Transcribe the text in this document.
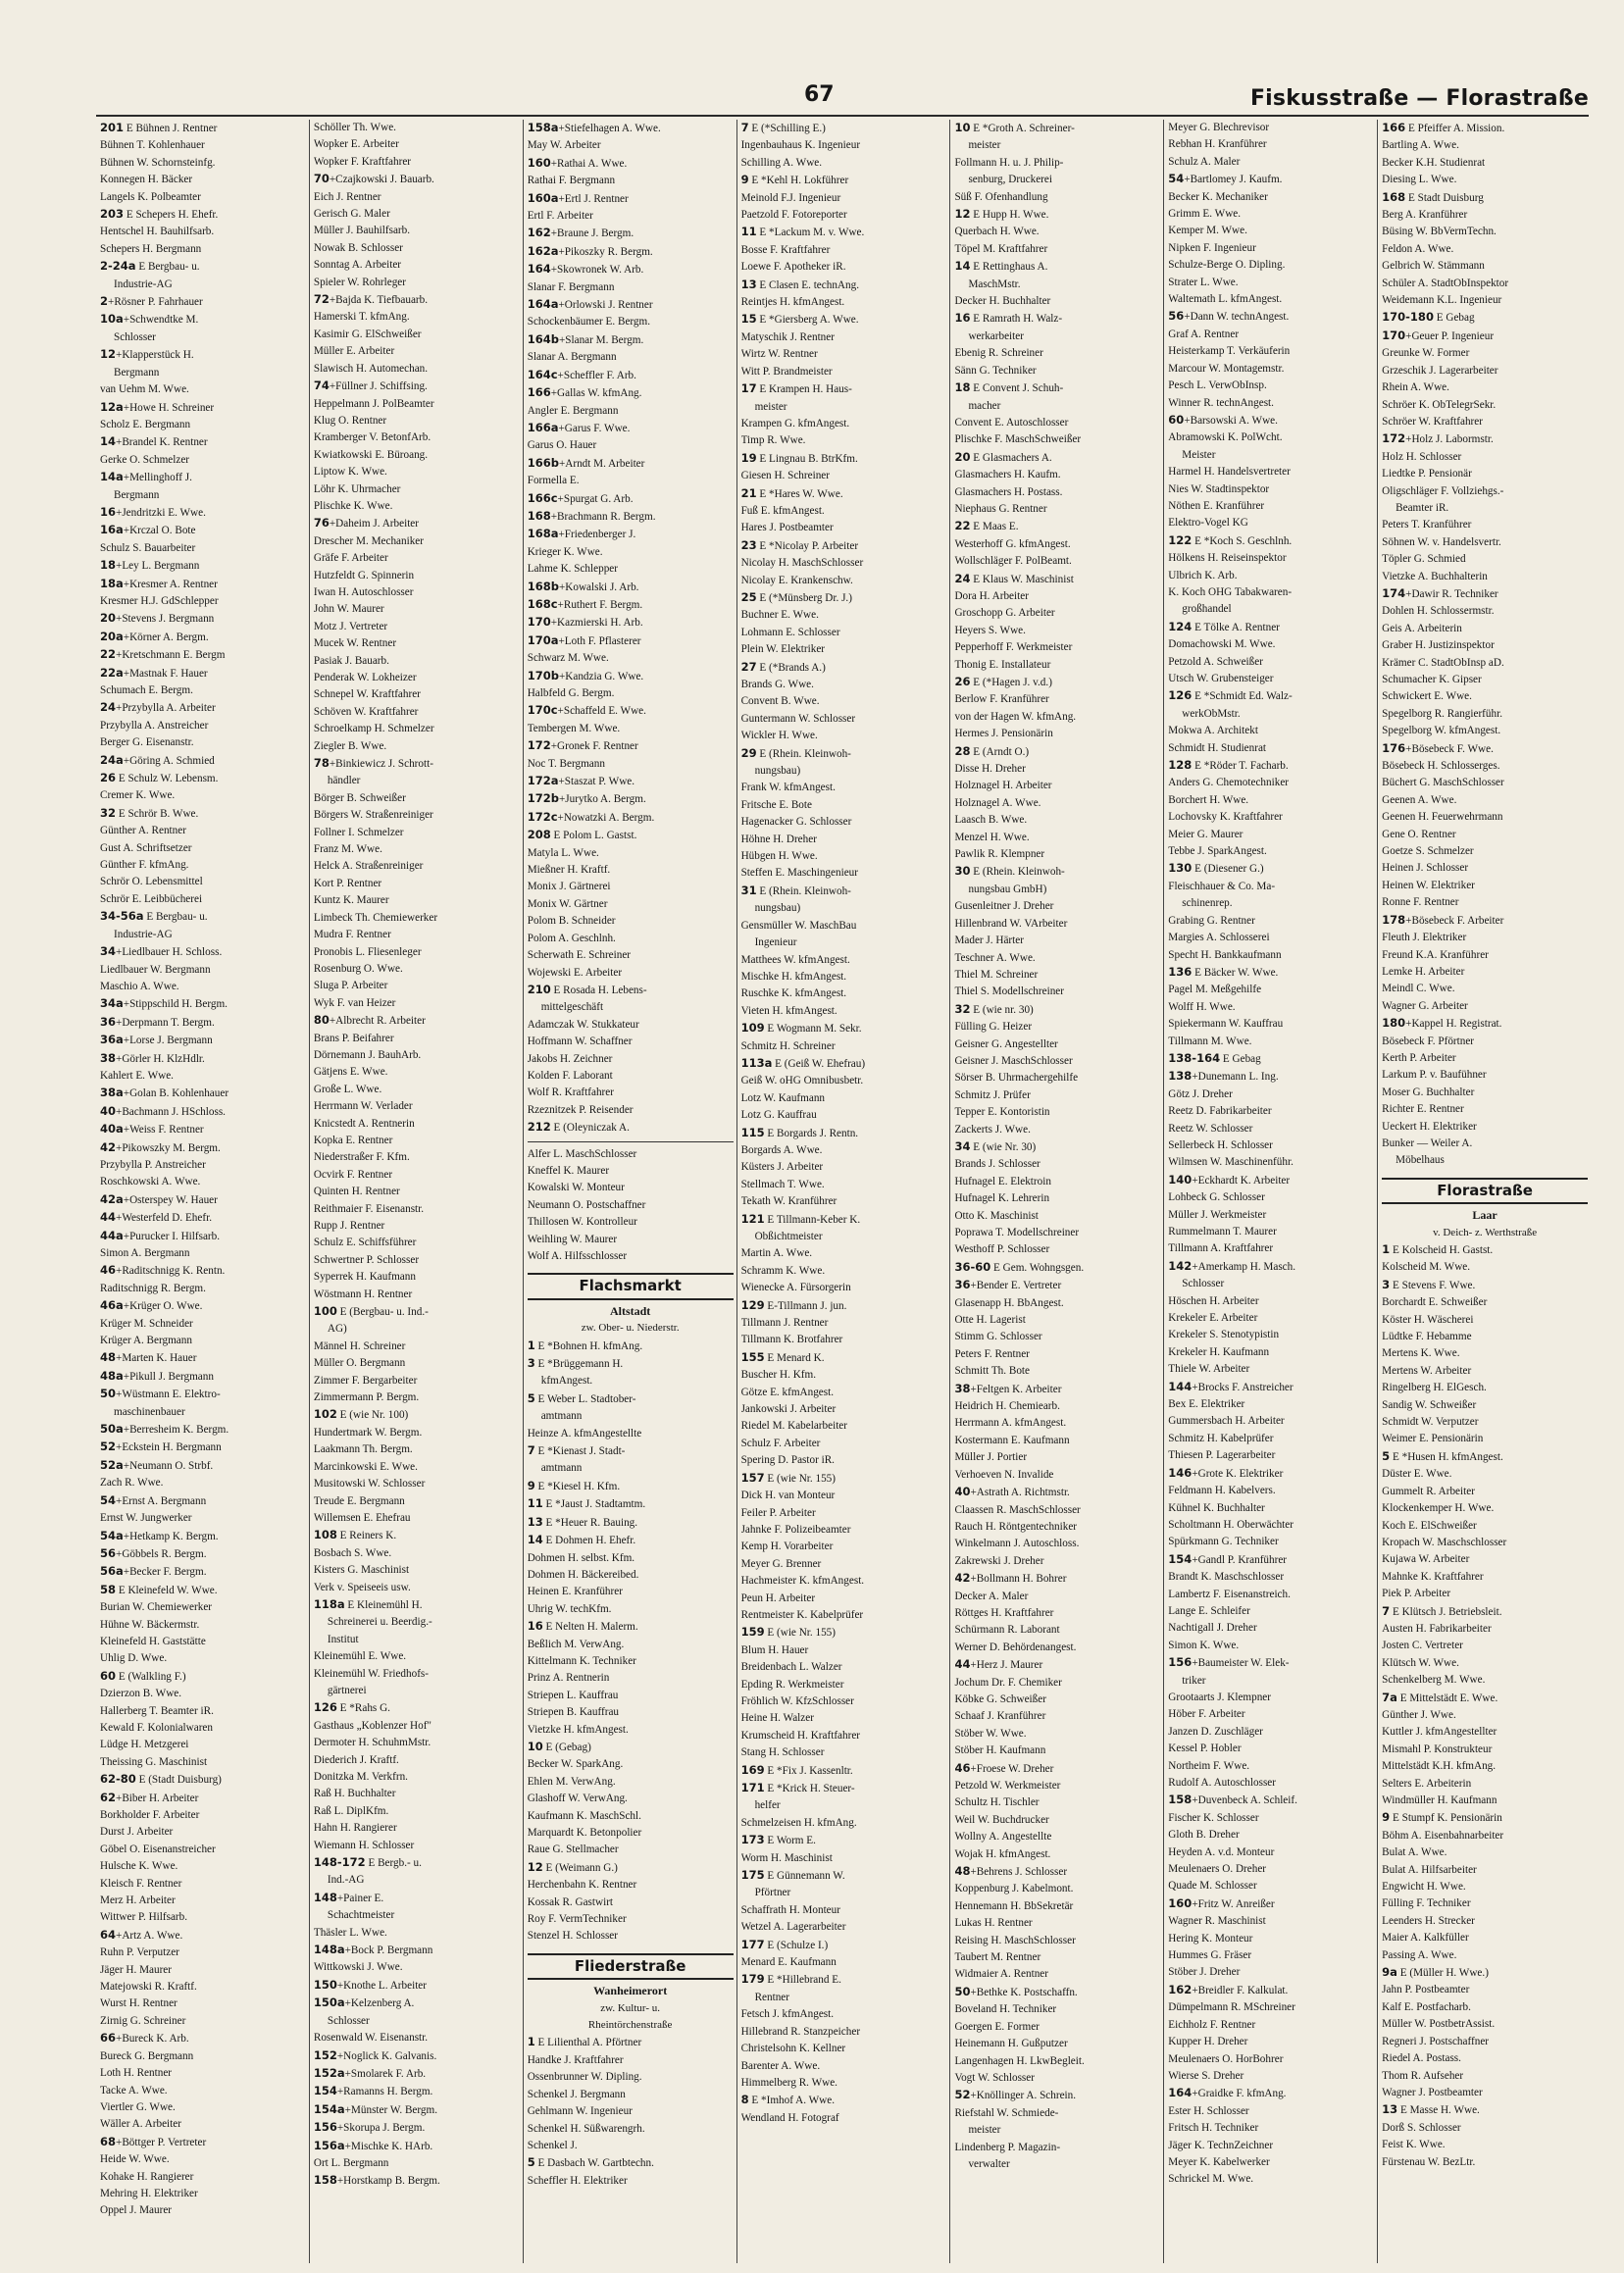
67	Fiskusstraße — Florastraße
201 E Bühnen J. Rentner
Bühnen T. Kohlenhauer
Bühnen W. Schornsteinfg.
Konnegen H. Bäcker
Langels K. Polbeamter
203 E Schepers H. Ehefr.
Hentschel H. Bauhilfsarb.
Schepers H. Bergmann
2-24a E Bergbau- u.
Industrie-AG
2+Rösner P. Fahrhauer
10a+Schwendtke M.
Schlosser
12+Klapperstück H.
Bergmann
van Uehm M. Wwe.
12a+Howe H. Schreiner
Scholz E. Bergmann
14+Brandel K. Rentner
Gerke O. Schmelzer
14a+Mellinghoff J.
Bergmann
16+Jendritzki E. Wwe.
16a+Krczal O. Bote
Schulz S. Bauarbeiter
18+Ley L. Bergmann
18a+Kresmer A. Rentner
Kresmer H.J. GdSchlepper
20+Stevens J. Bergmann
20a+Körner A. Bergm.
22+Kretschmann E. Bergm
22a+Mastnak F. Hauer
Schumach E. Bergm.
24+Przybylla A. Arbeiter
Przybylla A. Anstreicher
Berger G. Eisenanstr.
24a+Göring A. Schmied
26 E Schulz W. Lebensm.
Cremer K. Wwe.
32 E Schrör B. Wwe.
Günther A. Rentner
Gust A. Schriftsetzer
Günther F. kfmAng.
Schrör O. Lebensmittel
Schrör E. Leibbücherei
34-56a E Bergbau- u.
Industrie-AG
34+Liedlbauer H. Schloss.
Liedlbauer W. Bergmann
Maschio A. Wwe.
34a+Stippschild H. Bergm.
36+Derpmann T. Bergm.
36a+Lorse J. Bergmann
38+Görler H. KlzHdlr.
Kahlert E. Wwe.
38a+Golan B. Kohlenhauer
40+Bachmann J. HSchloss.
40a+Weiss F. Rentner
42+Pikowszky M. Bergm.
Przybylla P. Anstreicher
Roschkowski A. Wwe.
42a+Osterspey W. Hauer
44+Westerfeld D. Ehefr.
44a+Purucker I. Hilfsarb.
Simon A. Bergmann
46+Raditschnigg K. Rentn.
Raditschnigg R. Bergm.
46a+Krüger O. Wwe.
Krüger M. Schneider
Krüger A. Bergmann
48+Marten K. Hauer
48a+Pikull J. Bergmann
50+Wüstmann E. Elektro-
maschinenbauer
50a+Berresheim K. Bergm.
52+Eckstein H. Bergmann
52a+Neumann O. Strbf.
Zach R. Wwe.
54+Ernst A. Bergmann
Ernst W. Jungwerker
54a+Hetkamp K. Bergm.
56+Göbbels R. Bergm.
56a+Becker F. Bergm.
58 E Kleinefeld W. Wwe.
Burian W. Chemiewerker
Hühne W. Bäckermstr.
Kleinefeld H. Gaststätte
Uhlig D. Wwe.
60 E (Walkling F.)
Dzierzon B. Wwe.
Hallerberg T. Beamter iR.
Kewald F. Kolonialwaren
Lüdge H. Metzgerei
Theissing G. Maschinist
62-80 E (Stadt Duisburg)
62+Biber H. Arbeiter
Borkholder F. Arbeiter
Durst J. Arbeiter
Göbel O. Eisenanstreicher
Hulsche K. Wwe.
Kleisch F. Rentner
Merz H. Arbeiter
Wittwer P. Hilfsarb.
64+Artz A. Wwe.
Ruhn P. Verputzer
Jäger H. Maurer
Matejowski R. Kraftf.
Wurst H. Rentner
Zirnig G. Schreiner
66+Bureck K. Arb.
Bureck G. Bergmann
Loth H. Rentner
Tacke A. Wwe.
Viertler G. Wwe.
Wäller A. Arbeiter
68+Böttger P. Vertreter
Heide W. Wwe.
Kohake H. Rangierer
Mehring H. Elektriker
Oppel J. Maurer
Schöller Th. Wwe.
Wopker E. Arbeiter
Wopker F. Kraftfahrer
70+Czajkowski J. Bauarb.
Eich J. Rentner
Gerisch G. Maler
Müller J. Bauhilfsarb.
Nowak B. Schlosser
Sonntag A. Arbeiter
Spieler W. Rohrleger
72+Bajda K. Tiefbauarb.
Hamerski T. kfmAng.
Kasimir G. ElSchweißer
Müller E. Arbeiter
Slawisch H. Automechan.
74+Füllner J. Schiffsing.
Heppelmann J. PolBeamter
Klug O. Rentner
Kramberger V. BetonfArb.
Kwiatkowski E. Büroang.
Liptow K. Wwe.
Löhr K. Uhrmacher
Plischke K. Wwe.
76+Daheim J. Arbeiter
Drescher M. Mechaniker
Gräfe F. Arbeiter
Hutzfeldt G. Spinnerin
Iwan H. Autoschlosser
John W. Maurer
Motz J. Vertreter
Mucek W. Rentner
Pasiak J. Bauarb.
Penderak W. Lokheizer
Schnepel W. Kraftfahrer
Schöven W. Kraftfahrer
Schroelkamp H. Schmelzer
Ziegler B. Wwe.
78+Binkiewicz J. Schrott-
händler
Börger B. Schweißer
Börgers W. Straßenreiniger
Follner I. Schmelzer
Franz M. Wwe.
Helck A. Straßenreiniger
Kort P. Rentner
Kuntz K. Maurer
Limbeck Th. Chemiewerker
Mudra F. Rentner
Pronobis L. Fliesenleger
Rosenburg O. Wwe.
Sluga P. Arbeiter
Wyk F. van Heizer
80+Albrecht R. Arbeiter
Brans P. Beifahrer
Dörnemann J. BauhArb.
Gätjens E. Wwe.
Große L. Wwe.
Herrmann W. Verlader
Knicstedt A. Rentnerin
Kopka E. Rentner
Niederstraßer F. Kfm.
Ocvirk F. Rentner
Quinten H. Rentner
Reithmaier F. Eisenanstr.
Rupp J. Rentner
Schulz E. Schiffsführer
Schwertner P. Schlosser
Syperrek H. Kaufmann
Wöstmann H. Rentner
100 E (Bergbau- u. Ind.-
AG)
Männel H. Schreiner
Müller O. Bergmann
Zimmer F. Bergarbeiter
Zimmermann P. Bergm.
102 E (wie Nr. 100)
Hundertmark W. Bergm.
Laakmann Th. Bergm.
Marcinkowski E. Wwe.
Musitowski W. Schlosser
Treude E. Bergmann
Willemsen E. Ehefrau
108 E Reiners K.
Bosbach S. Wwe.
Kisters G. Maschinist
Verk v. Speiseeis usw.
118a E Kleinemühl H.
Schreinerei u. Beerdig.-
Institut
Kleinemühl E. Wwe.
Kleinemühl W. Friedhofs-
gärtnerei
126 E *Rahs G.
Gasthaus „Koblenzer Hof"
Dermoter H. SchuhmMstr.
Diederich J. Kraftf.
Donitzka M. Verkfrn.
Raß H. Buchhalter
Raß L. DiplKfm.
Hahn H. Rangierer
Wiemann H. Schlosser
148-172 E Bergb.- u.
Ind.-AG
148+Painer E.
Schachtmeister
Thäsler L. Wwe.
148a+Bock P. Bergmann
Wittkowski J. Wwe.
150+Knothe L. Arbeiter
150a+Kelzenberg A.
Schlosser
Rosenwald W. Eisenanstr.
152+Noglick K. Galvanis.
152a+Smolarek F. Arb.
154+Ramanns H. Bergm.
154a+Münster W. Bergm.
156+Skorupa J. Bergm.
156a+Mischke K. HArb.
Ort L. Bergmann
158+Horstkamp B. Bergm.
158a+Stiefelhagen A. Wwe.
May W. Arbeiter
160+Rathai A. Wwe.
Rathai F. Bergmann
160a+Ertl J. Rentner
Ertl F. Arbeiter
162+Braune J. Bergm.
162a+Pikoszky R. Bergm.
164+Skowronek W. Arb.
Slanar F. Bergmann
164a+Orlowski J. Rentner
Schockenbäumer E. Bergm.
164b+Slanar M. Bergm.
Slanar A. Bergmann
164c+Scheffler F. Arb.
166+Gallas W. kfmAng.
Angler E. Bergmann
166a+Garus F. Wwe.
Garus O. Hauer
166b+Arndt M. Arbeiter
Formella E.
166c+Spurgat G. Arb.
168+Brachmann R. Bergm.
168a+Friedenberger J.
Krieger K. Wwe.
Lahme K. Schlepper
168b+Kowalski J. Arb.
168c+Ruthert F. Bergm.
170+Kazmierski H. Arb.
170a+Loth F. Pflasterer
Schwarz M. Wwe.
170b+Kandzia G. Wwe.
Halbfeld G. Bergm.
170c+Schaffeld E. Wwe.
Tembergen M. Wwe.
172+Gronek F. Rentner
Noc T. Bergmann
172a+Staszat P. Wwe.
172b+Jurytko A. Bergm.
172c+Nowatzki A. Bergm.
208 E Polom L. Gastst.
Matyla L. Wwe.
Mießner H. Kraftf.
Monix J. Gärtnerei
Monix W. Gärtner
Polom B. Schneider
Polom A. Geschlnh.
Scherwath E. Schreiner
Wojewski E. Arbeiter
210 E Rosada H. Lebens-
mittelgeschäft
Adamczak W. Stukkateur
Hoffmann W. Schaffner
Jakobs H. Zeichner
Kolden F. Laborant
Wolf R. Kraftfahrer
Rzeznitzek P. Reisender
212 E (Oleyniczak A.
Alfer L. MaschSchlosser
Kneffel K. Maurer
Kowalski W. Monteur
Neumann O. Postschaffner
Thillosen W. Kontrolleur
Weihling W. Maurer
Wolf A. Hilfsschlosser
Flachsmarkt
Altstadt
zw. Ober- u. Niederstr.
1 E *Bohnen H. kfmAng.
3 E *Brüggemann H.
kfmAngest.
5 E Weber L. Stadtober-
amtmann
Heinze A. kfmAngestellte
7 E *Kienast J. Stadt-
amtmann
9 E *Kiesel H. Kfm.
11 E *Jaust J. Stadtamtm.
13 E *Heuer R. Bauing.
14 E Dohmen H. Ehefr.
Dohmen H. selbst. Kfm.
Dohmen H. Bäckereibed.
Heinen E. Kranführer
Uhrig W. techKfm.
16 E Nelten H. Malerm.
Beßlich M. VerwAng.
Kittelmann K. Techniker
Prinz A. Rentnerin
Striepen L. Kauffrau
Striepen B. Kauffrau
Vietzke H. kfmAngest.
10 E (Gebag)
Becker W. SparkAng.
Ehlen M. VerwAng.
Glashoff W. VerwAng.
Kaufmann K. MaschSchl.
Marquardt K. Betonpolier
Raue G. Stellmacher
12 E (Weimann G.)
Herchenbahn K. Rentner
Kossak R. Gastwirt
Roy F. VermTechniker
Stenzel H. Schlosser
Fliederstraße
Wanheimerort
zw. Kultur- u.
Rheintörchenstraße
1 E Lilienthal A. Pförtner
Handke J. Kraftfahrer
Ossenbrunner W. Dipling.
Schenkel J. Bergmann
Gehlmann W. Ingenieur
Schenkel H. Süßwarengrh.
Schenkel J.
5 E Dasbach W. Gartbtechn.
Scheffler H. Elektriker
7 E (*Schilling E.)
Ingenbauhaus K. Ingenieur
Schilling A. Wwe.
9 E *Kehl H. Lokführer
Meinold F.J. Ingenieur
Paetzold F. Fotoreporter
11 E *Lackum M. v. Wwe.
Bosse F. Kraftfahrer
Loewe F. Apotheker iR.
13 E Clasen E. technAng.
Reintjes H. kfmAngest.
15 E *Giersberg A. Wwe.
Matyschik J. Rentner
Wirtz W. Rentner
Witt P. Brandmeister
17 E Krampen H. Haus-
meister
Krampen G. kfmAngest.
Timp R. Wwe.
19 E Lingnau B. BtrKfm.
Giesen H. Schreiner
21 E *Hares W. Wwe.
Fuß E. kfmAngest.
Hares J. Postbeamter
23 E *Nicolay P. Arbeiter
Nicolay H. MaschSchlosser
Nicolay E. Krankenschw.
25 E (*Münsberg Dr. J.)
Buchner E. Wwe.
Lohmann E. Schlosser
Plein W. Elektriker
27 E (*Brands A.)
Brands G. Wwe.
Convent B. Wwe.
Guntermann W. Schlosser
Wickler H. Wwe.
29 E (Rhein. Kleinwoh-
nungsbau)
Frank W. kfmAngest.
Fritsche E. Bote
Hagenacker G. Schlosser
Höhne H. Dreher
Hübgen H. Wwe.
Steffen E. Maschingenieur
31 E (Rhein. Kleinwoh-
nungsbau)
Gensmüller W. MaschBau
Ingenieur
Matthees W. kfmAngest.
Mischke H. kfmAngest.
Ruschke K. kfmAngest.
Vieten H. kfmAngest.
109 E Wogmann M. Sekr.
Schmitz H. Schreiner
113a E (Geiß W. Ehefrau)
Geiß W. oHG Omnibusbetr.
Lotz W. Kaufmann
Lotz G. Kauffrau
115 E Borgards J. Rentn.
Borgards A. Wwe.
Küsters J. Arbeiter
Stellmach T. Wwe.
Tekath W. Kranführer
121 E Tillmann-Keber K.
Obßichtmeister
Martin A. Wwe.
Schramm K. Wwe.
Wienecke A. Fürsorgerin
129 E-Tillmann J. jun.
Tillmann J. Rentner
Tillmann K. Brotfahrer
155 E Menard K.
Buscher H. Kfm.
Götze E. kfmAngest.
Jankowski J. Arbeiter
Riedel M. Kabelarbeiter
Schulz F. Arbeiter
Spering D. Pastor iR.
157 E (wie Nr. 155)
Dick H. van Monteur
Feiler P. Arbeiter
Jahnke F. Polizeibeamter
Kemp H. Vorarbeiter
Meyer G. Brenner
Hachmeister K. kfmAngest.
Peun H. Arbeiter
Rentmeister K. Kabelprüfer
159 E (wie Nr. 155)
Blum H. Hauer
Breidenbach L. Walzer
Epding R. Werkmeister
Fröhlich W. KfzSchlosser
Heine H. Walzer
Krumscheid H. Kraftfahrer
Stang H. Schlosser
169 E *Fix J. Kassenltr.
171 E *Krick H. Steuer-
helfer
Schmelzeisen H. kfmAng.
173 E Worm E.
Worm H. Maschinist
175 E Günnemann W.
Pförtner
Schaffrath H. Monteur
Wetzel A. Lagerarbeiter
177 E (Schulze I.)
Menard E. Kaufmann
179 E *Hillebrand E.
Rentner
Fetsch J. kfmAngest.
Hillebrand R. Stanzpeicher
Christelsohn K. Kellner
Barenter A. Wwe.
Himmelberg R. Wwe.
8 E *Imhof A. Wwe.
Wendland H. Fotograf
10 E *Groth A. Schreiner-
meister
Follmann H. u. J. Philip-
senburg, Druckerei
Süß F. Ofenhandlung
12 E Hupp H. Wwe.
Querbach H. Wwe.
Töpel M. Kraftfahrer
14 E Rettinghaus A.
MaschMstr.
Decker H. Buchhalter
16 E Ramrath H. Walz-
werkarbeiter
Ebenig R. Schreiner
Sänn G. Techniker
18 E Convent J. Schuh-
macher
Convent E. Autoschlosser
Plischke F. MaschSchweißer
20 E Glasmachers A.
Glasmachers H. Kaufm.
Glasmachers H. Postass.
Niephaus G. Rentner
22 E Maas E.
Westerhoff G. kfmAngest.
Wollschläger F. PolBeamt.
24 E Klaus W. Maschinist
Dora H. Arbeiter
Groschopp G. Arbeiter
Heyers S. Wwe.
Pepperhoff F. Werkmeister
Thonig E. Installateur
26 E (*Hagen J. v.d.)
Berlow F. Kranführer
von der Hagen W. kfmAng.
Hermes J. Pensionärin
28 E (Arndt O.)
Disse H. Dreher
Holznagel H. Arbeiter
Holznagel A. Wwe.
Laasch B. Wwe.
Menzel H. Wwe.
Pawlik R. Klempner
30 E (Rhein. Kleinwoh-
nungsbau GmbH)
Gusenleitner J. Dreher
Hillenbrand W. VArbeiter
Mader J. Härter
Teschner A. Wwe.
Thiel M. Schreiner
Thiel S. Modellschreiner
32 E (wie nr. 30)
Fülling G. Heizer
Geisner G. Angestellter
Geisner J. MaschSchlosser
Sörser B. Uhrmachergehilfe
Schmitz J. Prüfer
Tepper E. Kontoristin
Zackerts J. Wwe.
34 E (wie Nr. 30)
Brands J. Schlosser
Hufnagel E. Elektroin
Hufnagel K. Lehrerin
Otto K. Maschinist
Poprawa T. Modellschreiner
Westhoff P. Schlosser
36-60 E Gem. Wohngsgen.
36+Bender E. Vertreter
Glasenapp H. BbAngest.
Otte H. Lagerist
Stimm G. Schlosser
Peters F. Rentner
Schmitt Th. Bote
38+Feltgen K. Arbeiter
Heidrich H. Chemiearb.
Herrmann A. kfmAngest.
Kostermann E. Kaufmann
Müller J. Portier
Verhoeven N. Invalide
40+Astrath A. Richtmstr.
Claassen R. MaschSchlosser
Rauch H. Röntgentechniker
Winkelmann J. Autoschloss.
Zakrewski J. Dreher
42+Bollmann H. Bohrer
Decker A. Maler
Röttges H. Kraftfahrer
Schürmann R. Laborant
Werner D. Behördenangest.
44+Herz J. Maurer
Jochum Dr. F. Chemiker
Köbke G. Schweißer
Schaaf J. Kranführer
Stöber W. Wwe.
Stöber H. Kaufmann
46+Froese W. Dreher
Petzold W. Werkmeister
Schultz H. Tischler
Weil W. Buchdrucker
Wollny A. Angestellte
Wojak H. kfmAngest.
48+Behrens J. Schlosser
Koppenburg J. Kabelmont.
Hennemann H. BbSekretär
Lukas H. Rentner
Reising H. MaschSchlosser
Taubert M. Rentner
Widmaier A. Rentner
50+Bethke K. Postschaffn.
Boveland H. Techniker
Goergen E. Former
Heinemann H. Gußputzer
Langenhagen H. LkwBegleit.
Vogt W. Schlosser
52+Knöllinger A. Schrein.
Riefstahl W. Schmiede-
meister
Lindenberg P. Magazin-
verwalter
Meyer G. Blechrevisor
Rebhan H. Kranführer
Schulz A. Maler
54+Bartlomey J. Kaufm.
Becker K. Mechaniker
Grimm E. Wwe.
Kemper M. Wwe.
Nipken F. Ingenieur
Schulze-Berge O. Dipling.
Strater L. Wwe.
Waltemath L. kfmAngest.
56+Dann W. technAngest.
Graf A. Rentner
Heisterkamp T. Verkäuferin
Marcour W. Montagemstr.
Pesch L. VerwObInsp.
Winner R. technAngest.
60+Barsowski A. Wwe.
Abramowski K. PolWcht.
Meister
Harmel H. Handelsvertreter
Nies W. Stadtinspektor
Nöthen E. Kranführer
Elektro-Vogel KG
122 E *Koch S. Geschlnh.
Hölkens H. Reiseinspektor
Ulbrich K. Arb.
K. Koch OHG Tabakwaren-
großhandel
124 E Tölke A. Rentner
Domachowski M. Wwe.
Petzold A. Schweißer
Utsch W. Grubensteiger
126 E *Schmidt Ed. Walz-
werkObMstr.
Mokwa A. Architekt
Schmidt H. Studienrat
128 E *Röder T. Facharb.
Anders G. Chemotechniker
Borchert H. Wwe.
Lochovsky K. Kraftfahrer
Meier G. Maurer
Tebbe J. SparkAngest.
130 E (Diesener G.)
Fleischhauer & Co. Ma-
schinenrep.
Grabing G. Rentner
Margies A. Schlosserei
Specht H. Bankkaufmann
136 E Bäcker W. Wwe.
Pagel M. Meßgehilfe
Wolff H. Wwe.
Spiekermann W. Kauffrau
Tillmann M. Wwe.
138-164 E Gebag
138+Dunemann L. Ing.
Götz J. Dreher
Reetz D. Fabrikarbeiter
Reetz W. Schlosser
Sellerbeck H. Schlosser
Wilmsen W. Maschinenführ.
140+Eckhardt K. Arbeiter
Lohbeck G. Schlosser
Müller J. Werkmeister
Rummelmann T. Maurer
Tillmann A. Kraftfahrer
142+Amerkamp H. Masch.
Schlosser
Höschen H. Arbeiter
Krekeler E. Arbeiter
Krekeler S. Stenotypistin
Krekeler H. Kaufmann
Thiele W. Arbeiter
144+Brocks F. Anstreicher
Bex E. Elektriker
Gummersbach H. Arbeiter
Schmitz H. Kabelprüfer
Thiesen P. Lagerarbeiter
146+Grote K. Elektriker
Feldmann H. Kabelvers.
Kühnel K. Buchhalter
Scholtmann H. Oberwächter
Spürkmann G. Techniker
154+Gandl P. Kranführer
Brandt K. Maschschlosser
Lambertz F. Eisenanstreich.
Lange E. Schleifer
Nachtigall J. Dreher
Simon K. Wwe.
156+Baumeister W. Elek-
triker
Grootaarts J. Klempner
Höber F. Arbeiter
Janzen D. Zuschläger
Kessel P. Hobler
Northeim F. Wwe.
Rudolf A. Autoschlosser
158+Duvenbeck A. Schleif.
Fischer K. Schlosser
Gloth B. Dreher
Heyden A. v.d. Monteur
Meulenaers O. Dreher
Quade M. Schlosser
160+Fritz W. Anreißer
Wagner R. Maschinist
Hering K. Monteur
Hummes G. Fräser
Stöber J. Dreher
162+Breidler F. Kalkulat.
Dümpelmann R. MSchreiner
Eichholz F. Rentner
Kupper H. Dreher
Meulenaers O. HorBohrer
Wierse S. Dreher
164+Graidke F. kfmAng.
Ester H. Schlosser
Fritsch H. Techniker
Jäger K. TechnZeichner
Meyer K. Kabelwerker
Schrickel M. Wwe.
166 E Pfeiffer A. Mission.
Bartling A. Wwe.
Becker K.H. Studienrat
Diesing L. Wwe.
168 E Stadt Duisburg
Berg A. Kranführer
Büsing W. BbVermTechn.
Feldon A. Wwe.
Gelbrich W. Stämmann
Schüler A. StadtObInspektor
Weidemann K.L. Ingenieur
170-180 E Gebag
170+Geuer P. Ingenieur
Greunke W. Former
Grzeschik J. Lagerarbeiter
Rhein A. Wwe.
Schröer K. ObTelegrSekr.
Schröer W. Kraftfahrer
172+Holz J. Labormstr.
Holz H. Schlosser
Liedtke P. Pensionär
Oligschläger F. Vollziehgs.-
Beamter iR.
Peters T. Kranführer
Söhnen W. v. Handelsvertr.
Töpler G. Schmied
Vietzke A. Buchhalterin
174+Dawir R. Techniker
Dohlen H. Schlossermstr.
Geis A. Arbeiterin
Graber H. Justizinspektor
Krämer C. StadtObInsp aD.
Schumacher K. Gipser
Schwickert E. Wwe.
Spegelborg R. Rangierführ.
Spegelborg W. kfmAngest.
176+Bösebeck F. Wwe.
Bösebeck H. Schlosserges.
Büchert G. MaschSchlosser
Geenen A. Wwe.
Geenen H. Feuerwehrmann
Gene O. Rentner
Goetze S. Schmelzer
Heinen J. Schlosser
Heinen W. Elektriker
Ronne F. Rentner
178+Bösebeck F. Arbeiter
Fleuth J. Elektriker
Freund K.A. Kranführer
Lemke H. Arbeiter
Meindl C. Wwe.
Wagner G. Arbeiter
180+Kappel H. Registrat.
Bösebeck F. Pförtner
Kerth P. Arbeiter
Larkum P. v. Baufühner
Moser G. Buchhalter
Richter E. Rentner
Ueckert H. Elektriker
Bunker — Weiler A.
Möbelhaus
Florastraße
Laar
v. Deich- z. Werthstraße
1 E Kolscheid H. Gastst.
Kolscheid M. Wwe.
3 E Stevens F. Wwe.
Borchardt E. Schweißer
Köster H. Wäscherei
Lüdtke F. Hebamme
Mertens K. Wwe.
Mertens W. Arbeiter
Ringelberg H. ElGesch.
Sandig W. Schweißer
Schmidt W. Verputzer
Weimer E. Pensionärin
5 E *Husen H. kfmAngest.
Düster E. Wwe.
Gummelt R. Arbeiter
Klockenkemper H. Wwe.
Koch E. ElSchweißer
Kropach W. Maschschlosser
Kujawa W. Arbeiter
Mahnke K. Kraftfahrer
Piek P. Arbeiter
7 E Klütsch J. Betriebsleit.
Austen H. Fabrikarbeiter
Josten C. Vertreter
Klütsch W. Wwe.
Schenkelberg M. Wwe.
7a E Mittelstädt E. Wwe.
Günther J. Wwe.
Kuttler J. kfmAngestellter
Mismahl P. Konstrukteur
Mittelstädt K.H. kfmAng.
Selters E. Arbeiterin
Windmüller H. Kaufmann
9 E Stumpf K. Pensionärin
Böhm A. Eisenbahnarbeiter
Bulat A. Wwe.
Bulat A. Hilfsarbeiter
Engwicht H. Wwe.
Fülling F. Techniker
Leenders H. Strecker
Maier A. Kalkfüller
Passing A. Wwe.
9a E (Müller H. Wwe.)
Jahn P. Postbeamter
Kalf E. Postfacharb.
Müller W. PostbetrAssist.
Regneri J. Postschaffner
Riedel A. Postass.
Thom R. Aufseher
Wagner J. Postbeamter
13 E Masse H. Wwe.
Dorß S. Schlosser
Feist K. Wwe.
Fürstenau W. BezLtr.
